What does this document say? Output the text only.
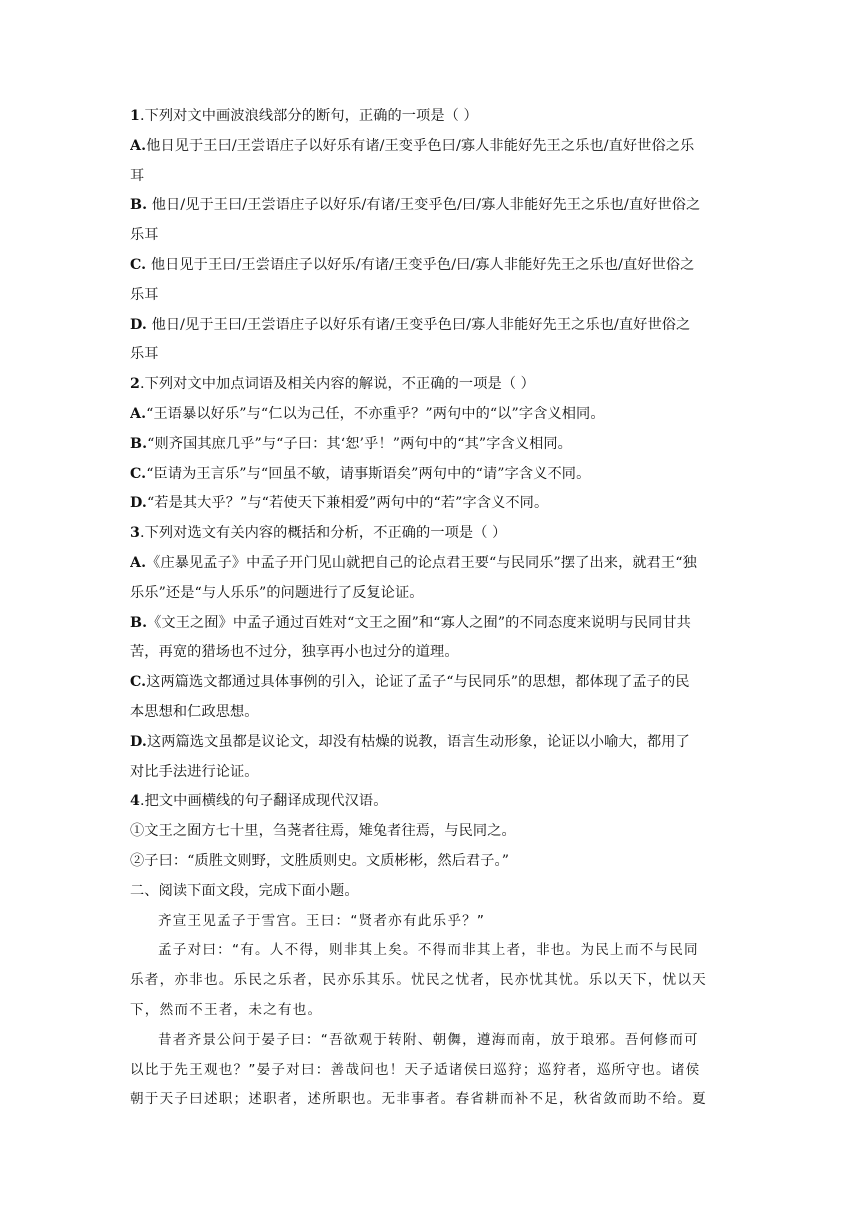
1.下列对文中画波浪线部分的断句，正确的一项是（ ）
A.他日见于王曰/王尝语庄子以好乐有诸/王变乎色曰/寡人非能好先王之乐也/直好世俗之乐
耳
B. 他日/见于王曰/王尝语庄子以好乐/有诸/王变乎色/曰/寡人非能好先王之乐也/直好世俗之
乐耳
C. 他日见于王曰/王尝语庄子以好乐/有诸/王变乎色/曰/寡人非能好先王之乐也/直好世俗之
乐耳
D. 他日/见于王曰/王尝语庄子以好乐有诸/王变乎色曰/寡人非能好先王之乐也/直好世俗之
乐耳
2.下列对文中加点词语及相关内容的解说，不正确的一项是（ ）
A.“王语暴以好乐”与“仁以为己任，不亦重乎？”两句中的“以”字含义相同。
B.“则齐国其庶几乎”与“子曰：其‘恕’乎！”两句中的“其”字含义相同。
C.“臣请为王言乐”与“回虽不敏，请事斯语矣”两句中的“请”字含义不同。
D.“若是其大乎？”与“若使天下兼相爱”两句中的“若”字含义不同。
3.下列对选文有关内容的概括和分析，不正确的一项是（ ）
A.《庄暴见孟子》中孟子开门见山就把自己的论点君王要“与民同乐”摆了出来，就君王“独
乐乐”还是“与人乐乐”的问题进行了反复论证。
B.《文王之囿》中孟子通过百姓对“文王之囿”和“寡人之囿”的不同态度来说明与民同甘共
苦，再宽的猎场也不过分，独享再小也过分的道理。
C.这两篇选文都通过具体事例的引入，论证了孟子“与民同乐”的思想，都体现了孟子的民
本思想和仁政思想。
D.这两篇选文虽都是议论文，却没有枯燥的说教，语言生动形象，论证以小喻大，都用了
对比手法进行论证。
4.把文中画横线的句子翻译成现代汉语。
①文王之囿方七十里，刍荛者往焉，雉兔者往焉，与民同之。
②子曰：“质胜文则野，文胜质则史。文质彬彬，然后君子。”
二、阅读下面文段，完成下面小题。
齐宣王见孟子于雪宫。王曰：“贤者亦有此乐乎？”
孟子对曰：“有。人不得，则非其上矣。不得而非其上者，非也。为民上而不与民同
乐者，亦非也。乐民之乐者，民亦乐其乐。忧民之忧者，民亦忧其忧。乐以天下，忧以天
下，然而不王者，未之有也。
昔者齐景公问于晏子曰：“吾欲观于转附、朝儛，遵海而南，放于琅邪。吾何修而可
以比于先王观也？”晏子对曰：善哉问也！天子适诸侯曰巡狩；巡狩者，巡所守也。诸侯
朝于天子曰述职；述职者，述所职也。无非事者。春省耕而补不足，秋省敛而助不给。夏
